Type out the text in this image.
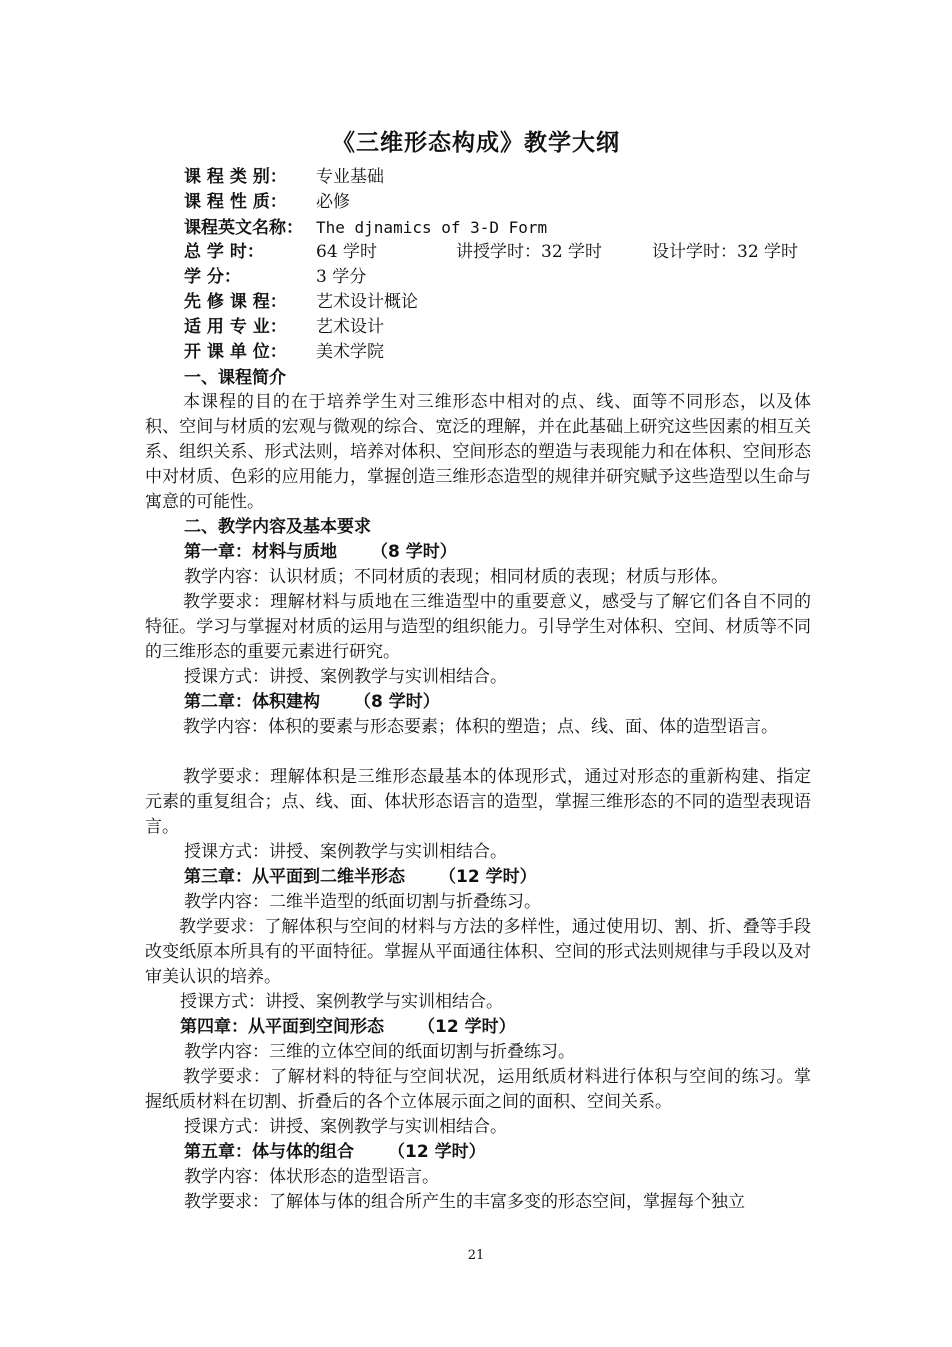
《三维形态构成》教学大纲
课 程 类 别： 专业基础
课 程 性 质： 必修
课程英文名称： The djnamics of 3-D Form
总 学 时：	64 学时	讲授学时：32 学时	设计学时：32 学时
学 分：	3 学分
先 修 课 程： 艺术设计概论
适 用 专 业： 艺术设计
开 课 单 位： 美术学院
一、课程简介
本课程的目的在于培养学生对三维形态中相对的点、线、面等不同形态，以及体积、空间与材质的宏观与微观的综合、宽泛的理解，并在此基础上研究这些因素的相互关系、组织关系、形式法则，培养对体积、空间形态的塑造与表现能力和在体积、空间形态中对材质、色彩的应用能力，掌握创造三维形态造型的规律并研究赋予这些造型以生命与寓意的可能性。
二、教学内容及基本要求
第一章：材料与质地 （8 学时）
教学内容：认识材质；不同材质的表现；相同材质的表现；材质与形体。
教学要求：理解材料与质地在三维造型中的重要意义，感受与了解它们各自不同的特征。学习与掌握对材质的运用与造型的组织能力。引导学生对体积、空间、材质等不同的三维形态的重要元素进行研究。
授课方式：讲授、案例教学与实训相结合。
第二章：体积建构 （8 学时）
教学内容：体积的要素与形态要素；体积的塑造；点、线、面、体的造型语言。
教学要求：理解体积是三维形态最基本的体现形式，通过对形态的重新构建、指定元素的重复组合；点、线、面、体状形态语言的造型，掌握三维形态的不同的造型表现语言。
授课方式：讲授、案例教学与实训相结合。
第三章：从平面到二维半形态 （12 学时）
教学内容：二维半造型的纸面切割与折叠练习。
教学要求：了解体积与空间的材料与方法的多样性，通过使用切、割、折、叠等手段改变纸原本所具有的平面特征。掌握从平面通往体积、空间的形式法则规律与手段以及对审美认识的培养。
授课方式：讲授、案例教学与实训相结合。
第四章：从平面到空间形态 （12 学时）
教学内容：三维的立体空间的纸面切割与折叠练习。
教学要求：了解材料的特征与空间状况，运用纸质材料进行体积与空间的练习。掌握纸质材料在切割、折叠后的各个立体展示面之间的面积、空间关系。
授课方式：讲授、案例教学与实训相结合。
第五章：体与体的组合 （12 学时）
教学内容：体状形态的造型语言。
教学要求：了解体与体的组合所产生的丰富多变的形态空间，掌握每个独立
21
